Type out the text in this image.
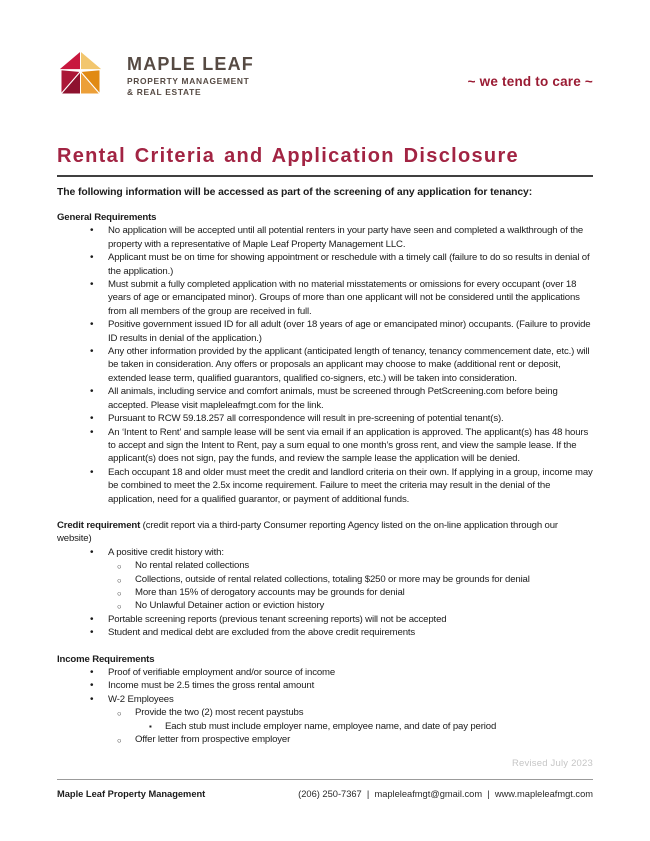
MAPLE LEAF
PROPERTY MANAGEMENT
& REAL ESTATE
~ we tend to care ~
Rental Criteria and Application Disclosure
The following information will be accessed as part of the screening of any application for tenancy:
General Requirements
• No application will be accepted until all potential renters in your party have seen and completed a walkthrough of the property with a representative of Maple Leaf Property Management LLC.
• Applicant must be on time for showing appointment or reschedule with a timely call (failure to do so results in denial of the application.)
• Must submit a fully completed application with no material misstatements or omissions for every occupant (over 18 years of age or emancipated minor). Groups of more than one applicant will not be considered until the applications from all members of the group are received in full.
• Positive government issued ID for all adult (over 18 years of age or emancipated minor) occupants. (Failure to provide ID results in denial of the application.)
• Any other information provided by the applicant (anticipated length of tenancy, tenancy commencement date, etc.) will be taken in consideration. Any offers or proposals an applicant may choose to make (additional rent or deposit, extended lease term, qualified guarantors, qualified co-signers, etc.) will be taken into consideration.
• All animals, including service and comfort animals, must be screened through PetScreening.com before being accepted. Please visit mapleleafmgt.com for the link.
• Pursuant to RCW 59.18.257 all correspondence will result in pre-screening of potential tenant(s).
• An ‘Intent to Rent’ and sample lease will be sent via email if an application is approved. The applicant(s) has 48 hours to accept and sign the Intent to Rent, pay a sum equal to one month’s gross rent, and view the sample lease. If the applicant(s) does not sign, pay the funds, and review the sample lease the application will be denied.
• Each occupant 18 and older must meet the credit and landlord criteria on their own. If applying in a group, income may be combined to meet the 2.5x income requirement. Failure to meet the criteria may result in the denial of the application, need for a qualified guarantor, or payment of additional funds.
Credit requirement (credit report via a third-party Consumer reporting Agency listed on the on-line application through our website)
• A positive credit history with:
○ No rental related collections
○ Collections, outside of rental related collections, totaling $250 or more may be grounds for denial
○ More than 15% of derogatory accounts may be grounds for denial
○ No Unlawful Detainer action or eviction history
• Portable screening reports (previous tenant screening reports) will not be accepted
• Student and medical debt are excluded from the above credit requirements
Income Requirements
• Proof of verifiable employment and/or source of income
• Income must be 2.5 times the gross rental amount
• W-2 Employees
○ Provide the two (2) most recent paystubs
▪ Each stub must include employer name, employee name, and date of pay period
○ Offer letter from prospective employer
Revised July 2023
Maple Leaf Property Management	(206) 250-7367  |  mapleleafmgt@gmail.com  |  www.mapleleafmgt.com
